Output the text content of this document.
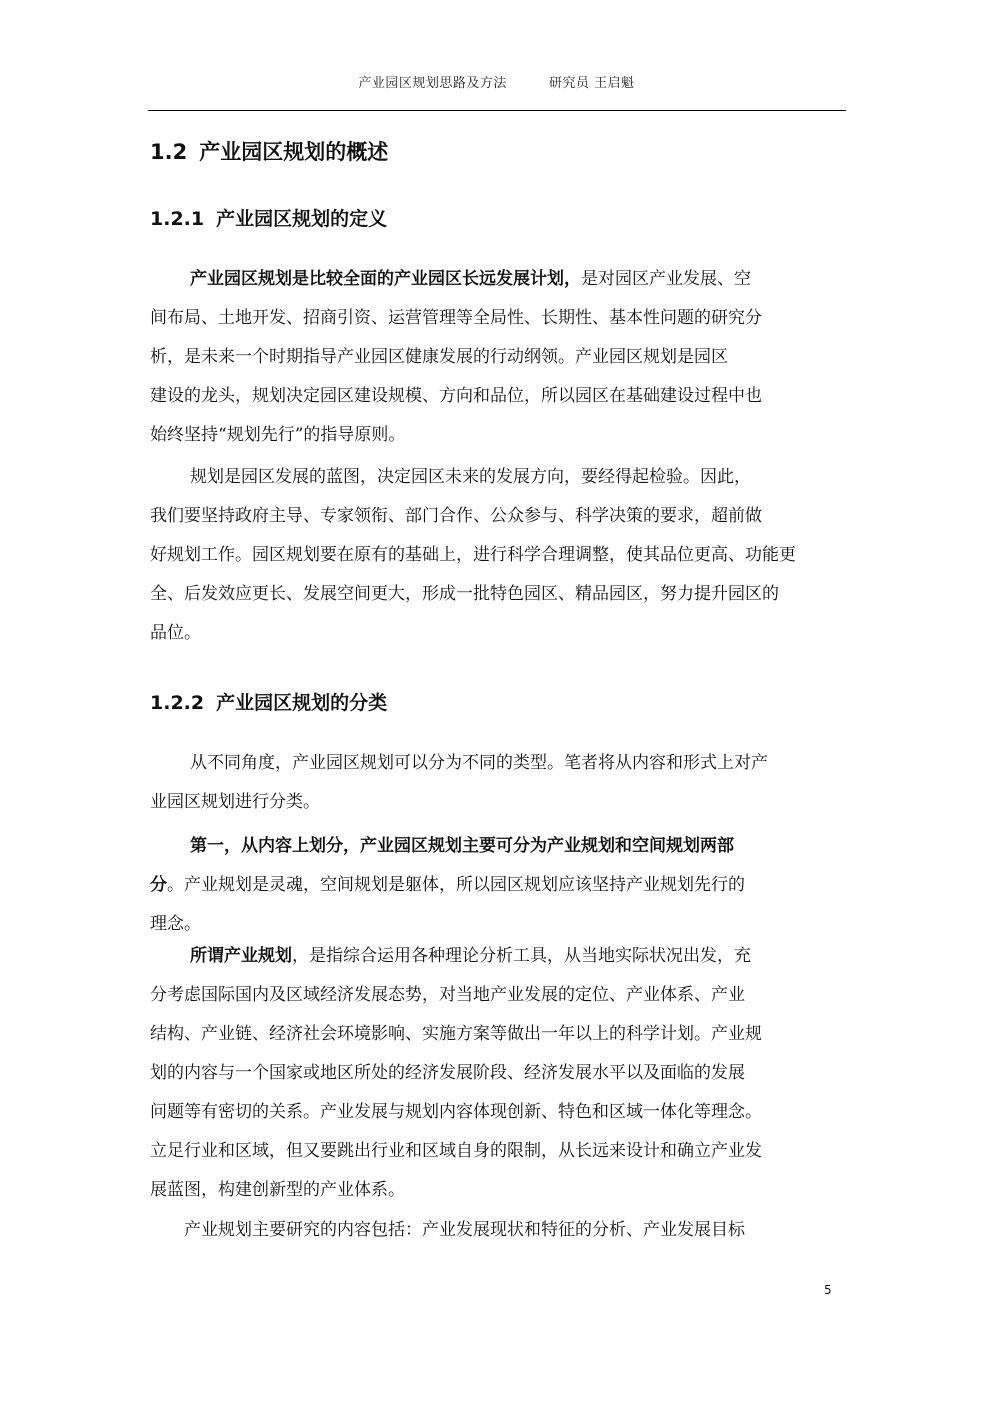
产业园区规划思路及方法	研究员 王启魁
1.2 产业园区规划的概述
1.2.1 产业园区规划的定义
产业园区规划是比较全面的产业园区长远发展计划，是对园区产业发展、空
间布局、土地开发、招商引资、运营管理等全局性、长期性、基本性问题的研究分
析，是未来一个时期指导产业园区健康发展的行动纲领。产业园区规划是园区
建设的龙头，规划决定园区建设规模、方向和品位，所以园区在基础建设过程中也
始终坚持“规划先行”的指导原则。
规划是园区发展的蓝图，决定园区未来的发展方向，要经得起检验。因此，
我们要坚持政府主导、专家领衔、部门合作、公众参与、科学决策的要求，超前做
好规划工作。园区规划要在原有的基础上，进行科学合理调整，使其品位更高、功能更
全、后发效应更长、发展空间更大，形成一批特色园区、精品园区，努力提升园区的
品位。
1.2.2 产业园区规划的分类
从不同角度，产业园区规划可以分为不同的类型。笔者将从内容和形式上对产
业园区规划进行分类。
第一，从内容上划分，产业园区规划主要可分为产业规划和空间规划两部
分。产业规划是灵魂，空间规划是躯体，所以园区规划应该坚持产业规划先行的
理念。
所谓产业规划，是指综合运用各种理论分析工具，从当地实际状况出发，充
分考虑国际国内及区域经济发展态势，对当地产业发展的定位、产业体系、产业
结构、产业链、经济社会环境影响、实施方案等做出一年以上的科学计划。产业规
划的内容与一个国家或地区所处的经济发展阶段、经济发展水平以及面临的发展
问题等有密切的关系。产业发展与规划内容体现创新、特色和区域一体化等理念。
立足行业和区域，但又要跳出行业和区域自身的限制，从长远来设计和确立产业发
展蓝图，构建创新型的产业体系。
产业规划主要研究的内容包括：产业发展现状和特征的分析、产业发展目标
5
